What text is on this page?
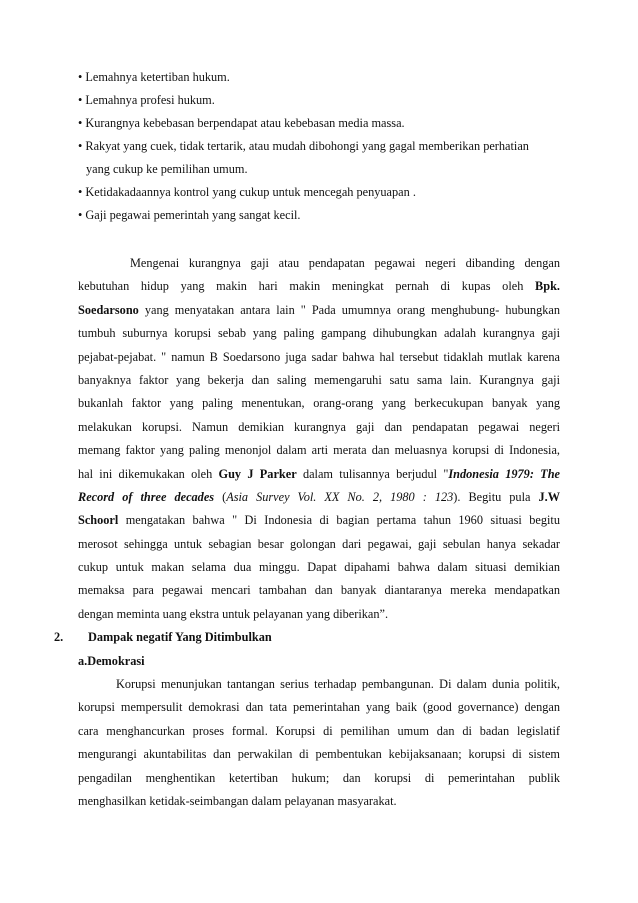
• Lemahnya ketertiban hukum.
• Lemahnya profesi hukum.
• Kurangnya kebebasan berpendapat atau kebebasan media massa.
• Rakyat yang cuek, tidak tertarik, atau mudah dibohongi yang gagal memberikan perhatian
yang cukup ke pemilihan umum.
• Ketidakadaannya kontrol yang cukup untuk mencegah penyuapan .
• Gaji pegawai pemerintah yang sangat kecil.
Mengenai kurangnya gaji atau pendapatan pegawai negeri dibanding dengan
kebutuhan hidup yang makin hari makin meningkat pernah di kupas oleh Bpk.
Soedarsono yang menyatakan antara lain " Pada umumnya orang menghubung- hubungkan
tumbuh suburnya korupsi sebab yang paling gampang dihubungkan adalah kurangnya gaji
pejabat-pejabat. " namun B Soedarsono juga sadar bahwa hal tersebut tidaklah mutlak karena
banyaknya faktor yang bekerja dan saling memengaruhi satu sama lain. Kurangnya gaji
bukanlah faktor yang paling menentukan, orang-orang yang berkecukupan banyak yang
melakukan korupsi. Namun demikian kurangnya gaji dan pendapatan pegawai negeri
memang faktor yang paling menonjol dalam arti merata dan meluasnya korupsi di Indonesia,
hal ini dikemukakan oleh Guy J Parker dalam tulisannya berjudul "Indonesia 1979: The
Record of three decades (Asia Survey Vol. XX No. 2, 1980 : 123). Begitu pula J.W
Schoorl mengatakan bahwa " Di Indonesia di bagian pertama tahun 1960 situasi begitu
merosot sehingga untuk sebagian besar golongan dari pegawai, gaji sebulan hanya sekadar
cukup untuk makan selama dua minggu. Dapat dipahami bahwa dalam situasi demikian
memaksa para pegawai mencari tambahan dan banyak diantaranya mereka mendapatkan
dengan meminta uang ekstra untuk pelayanan yang diberikan”.
2. Dampak negatif Yang Ditimbulkan
a.Demokrasi
Korupsi menunjukan tantangan serius terhadap pembangunan. Di dalam dunia politik,
korupsi mempersulit demokrasi dan tata pemerintahan yang baik (good governance) dengan
cara menghancurkan proses formal. Korupsi di pemilihan umum dan di badan legislatif
mengurangi akuntabilitas dan perwakilan di pembentukan kebijaksanaan; korupsi di sistem
pengadilan menghentikan ketertiban hukum; dan korupsi di pemerintahan publik
menghasilkan ketidak-seimbangan dalam pelayanan masyarakat.
